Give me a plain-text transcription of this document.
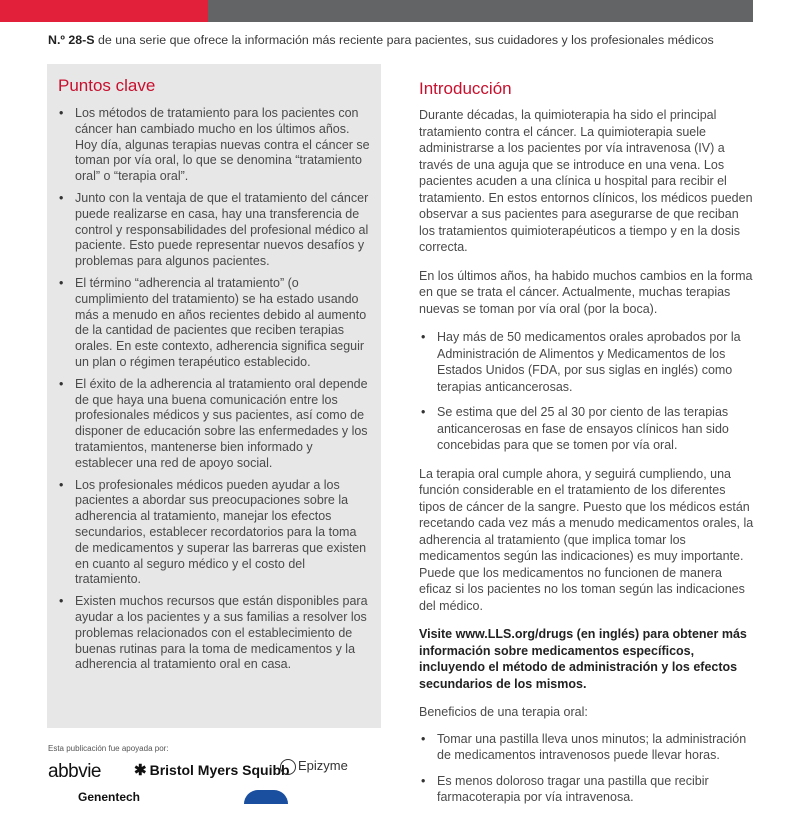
N.º 28-S de una serie que ofrece la información más reciente para pacientes, sus cuidadores y los profesionales médicos
Puntos clave
• Los métodos de tratamiento para los pacientes con cáncer han cambiado mucho en los últimos años. Hoy día, algunas terapias nuevas contra el cáncer se toman por vía oral, lo que se denomina “tratamiento oral” o “terapia oral”.
• Junto con la ventaja de que el tratamiento del cáncer puede realizarse en casa, hay una transferencia de control y responsabilidades del profesional médico al paciente. Esto puede representar nuevos desafíos y problemas para algunos pacientes.
• El término “adherencia al tratamiento” (o cumplimiento del tratamiento) se ha estado usando más a menudo en años recientes debido al aumento de la cantidad de pacientes que reciben terapias orales. En este contexto, adherencia significa seguir un plan o régimen terapéutico establecido.
• El éxito de la adherencia al tratamiento oral depende de que haya una buena comunicación entre los profesionales médicos y sus pacientes, así como de disponer de educación sobre las enfermedades y los tratamientos, mantenerse bien informado y establecer una red de apoyo social.
• Los profesionales médicos pueden ayudar a los pacientes a abordar sus preocupaciones sobre la adherencia al tratamiento, manejar los efectos secundarios, establecer recordatorios para la toma de medicamentos y superar las barreras que existen en cuanto al seguro médico y el costo del tratamiento.
• Existen muchos recursos que están disponibles para ayudar a los pacientes y a sus familias a resolver los problemas relacionados con el establecimiento de buenas rutinas para la toma de medicamentos y la adherencia al tratamiento oral en casa.
Introducción

Durante décadas, la quimioterapia ha sido el principal tratamiento contra el cáncer. La quimioterapia suele administrarse a los pacientes por vía intravenosa (IV) a través de una aguja que se introduce en una vena. Los pacientes acuden a una clínica u hospital para recibir el tratamiento. En estos entornos clínicos, los médicos pueden observar a sus pacientes para asegurarse de que reciban los tratamientos quimioterapéuticos a tiempo y en la dosis correcta.

En los últimos años, ha habido muchos cambios en la forma en que se trata el cáncer. Actualmente, muchas terapias nuevas se toman por vía oral (por la boca).

• Hay más de 50 medicamentos orales aprobados por la Administración de Alimentos y Medicamentos de los Estados Unidos (FDA, por sus siglas en inglés) como terapias anticancerosas.
• Se estima que del 25 al 30 por ciento de las terapias anticancerosas en fase de ensayos clínicos han sido concebidas para que se tomen por vía oral.

La terapia oral cumple ahora, y seguirá cumpliendo, una función considerable en el tratamiento de los diferentes tipos de cáncer de la sangre. Puesto que los médicos están recetando cada vez más a menudo medicamentos orales, la adherencia al tratamiento (que implica tomar los medicamentos según las indicaciones) es muy importante. Puede que los medicamentos no funcionen de manera eficaz si los pacientes no los toman según las indicaciones del médico.

Visite www.LLS.org/drugs (en inglés) para obtener más información sobre medicamentos específicos, incluyendo el método de administración y los efectos secundarios de los mismos.

Beneficios de una terapia oral:

• Tomar una pastilla lleva unos minutos; la administración de medicamentos intravenosos puede llevar horas.
• Es menos doloroso tragar una pastilla que recibir farmacoterapia por vía intravenosa.
Esta publicación fue apoyada por:
abbvie ✱ Bristol Myers Squibb Epizyme
Genentech
